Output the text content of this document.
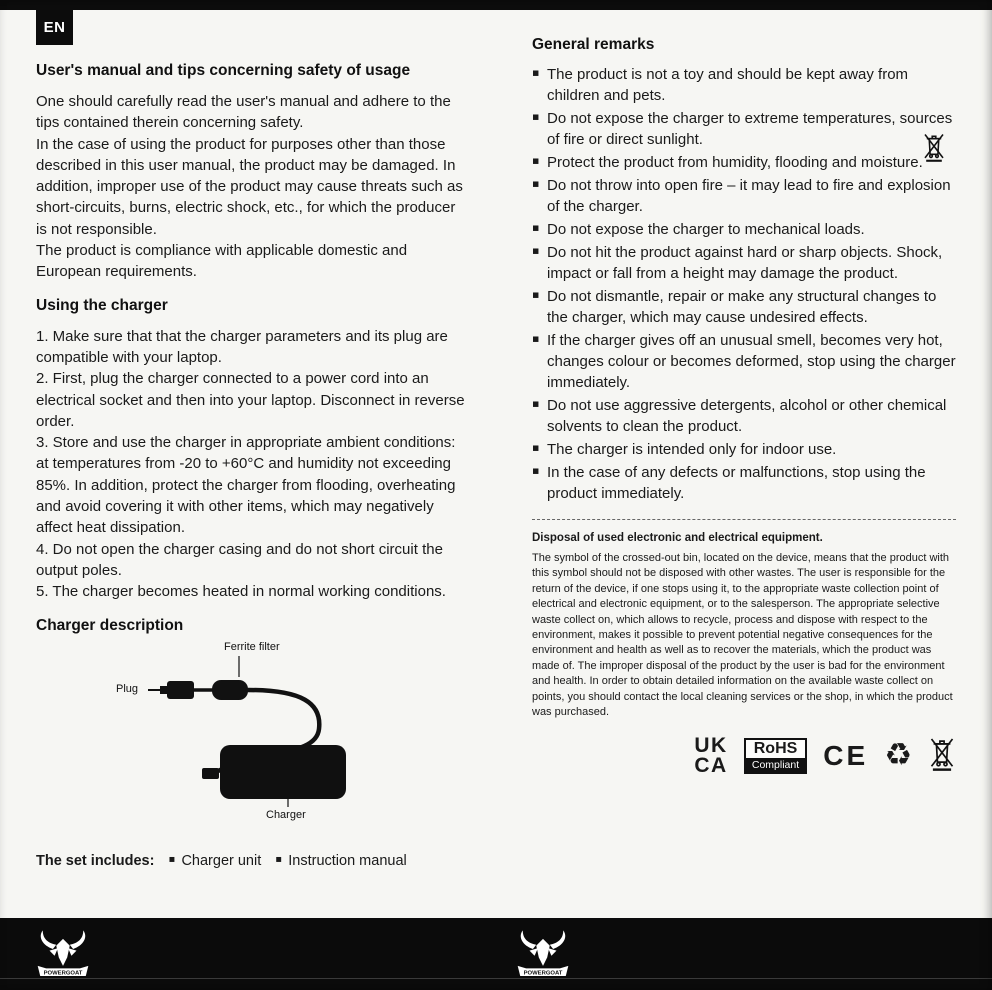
EN
User's manual and tips concerning safety of usage

One should carefully read the user's manual and adhere to the tips contained therein concerning safety.

In the case of using the product for purposes other than those described in this user manual, the product may be damaged. In addition, improper use of the product may cause threats such as short-circuits, burns, electric shock, etc., for which the producer is not responsible.

The product is compliance with applicable domestic and European requirements.

Using the charger

1. Make sure that that the charger parameters and its plug are compatible with your laptop.

2. First, plug the charger connected to a power cord into an electrical socket and then into your laptop. Disconnect in reverse order.

3. Store and use the charger in appropriate ambient conditions: at temperatures from -20 to +60°C and humidity not exceeding 85%. In addition, protect the charger from flooding, overheating and avoid covering it with other items, which may negatively affect heat dissipation.

4. Do not open the charger casing and do not short circuit the output poles.

5. The charger becomes heated in normal working conditions.

Charger description
Ferrite filter
Plug
Charger
The set includes:	▪ Charger unit	▪ Instruction manual
General remarks
▪ The product is not a toy and should be kept away from children and pets.
▪ Do not expose the charger to extreme temperatures, sources of fire or direct sunlight.
▪ Protect the product from humidity, flooding and moisture.
▪ Do not throw into open fire – it may lead to fire and explosion of the charger.
▪ Do not expose the charger to mechanical loads.
▪ Do not hit the product against hard or sharp objects. Shock, impact or fall from a height may damage the product.
▪ Do not dismantle, repair or make any structural changes to the charger, which may cause undesired effects.
▪ If the charger gives off an unusual smell, becomes very hot, changes colour or becomes deformed, stop using the charger immediately.
▪ Do not use aggressive detergents, alcohol or other chemical solvents to clean the product.
▪ The charger is intended only for indoor use.
▪ In the case of any defects or malfunctions, stop using the product immediately.
Disposal of used electronic and electrical equipment.

The symbol of the crossed-out bin, located on the device, means that the product with this symbol should not be disposed with other wastes. The user is responsible for the return of the device, if one stops using it, to the appropriate waste collection point of electrical and electronic equipment, or to the salesperson. The appropriate selective waste collect on, which allows to recycle, process and dispose with respect to the environment, makes it possible to prevent potential negative consequences for the environment and health as well as to recover the materials, which the product was made of. The improper disposal of the product by the user is bad for the environment and health. In order to obtain detailed information on the available waste collect on points, you should contact the local cleaning services or the shop, in which the product was purchased.

UK
CA
RoHS
Compliant CE ♻
POWERGOAT	POWERGOAT
